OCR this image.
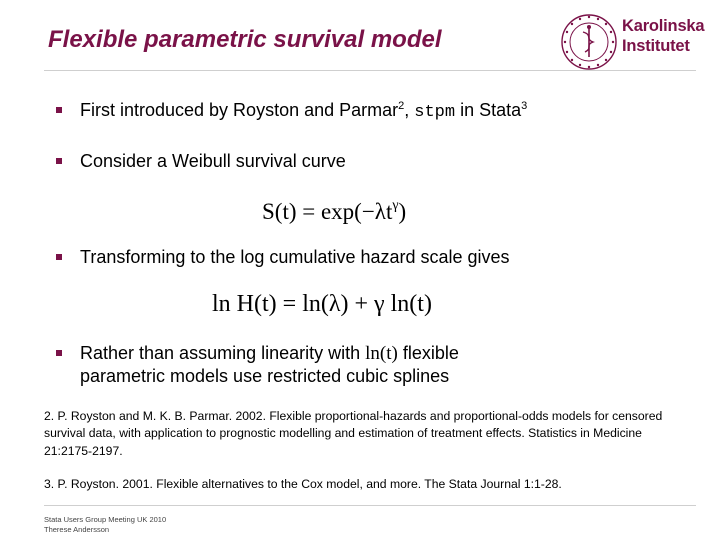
Flexible parametric survival model	Karolinska
Institutet
First introduced by Royston and Parmar$^2$, stpm in Stata$^3$
Consider a Weibull survival curve
$S(t) = \exp(-\lambda t^\gamma)$
Transforming to the log cumulative hazard scale gives
ln H(t) = ln(λ) + γ ln(t)
Rather than assuming linearity with ln(t) flexible
parametric models use restricted cubic splines
2. P. Royston and M. K. B. Parmar. 2002. Flexible proportional-hazards and proportional-odds models for censored survival data, with application to prognostic modelling and estimation of treatment effects. Statistics in Medicine 21:2175-2197.
3. P. Royston. 2001. Flexible alternatives to the Cox model, and more. The Stata Journal 1:1-28.
Stata Users Group Meeting UK 2010
Therese Andersson
